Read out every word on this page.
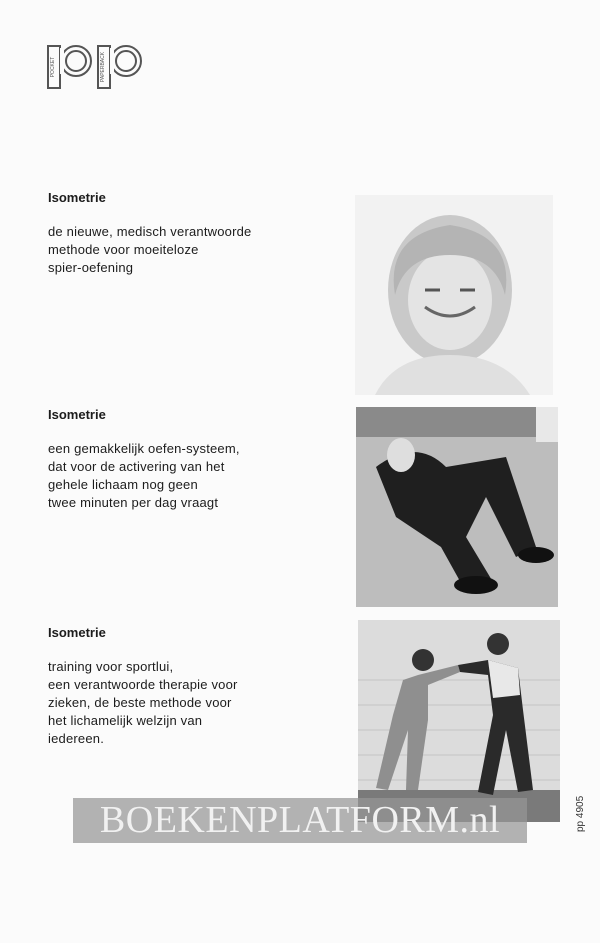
POCKET	PAPERBACK

Isometrie

de nieuwe, medisch verantwoorde
methode voor moeiteloze
spier-oefening

Isometrie

een gemakkelijk oefen-systeem,
dat voor de activering van het
gehele lichaam nog geen
twee minuten per dag vraagt

Isometrie

training voor sportlui,
een verantwoorde therapie voor
zieken, de beste methode voor
het lichamelijk welzijn van
iedereen.

BOEKENPLATFORM.nl	pp 4905
